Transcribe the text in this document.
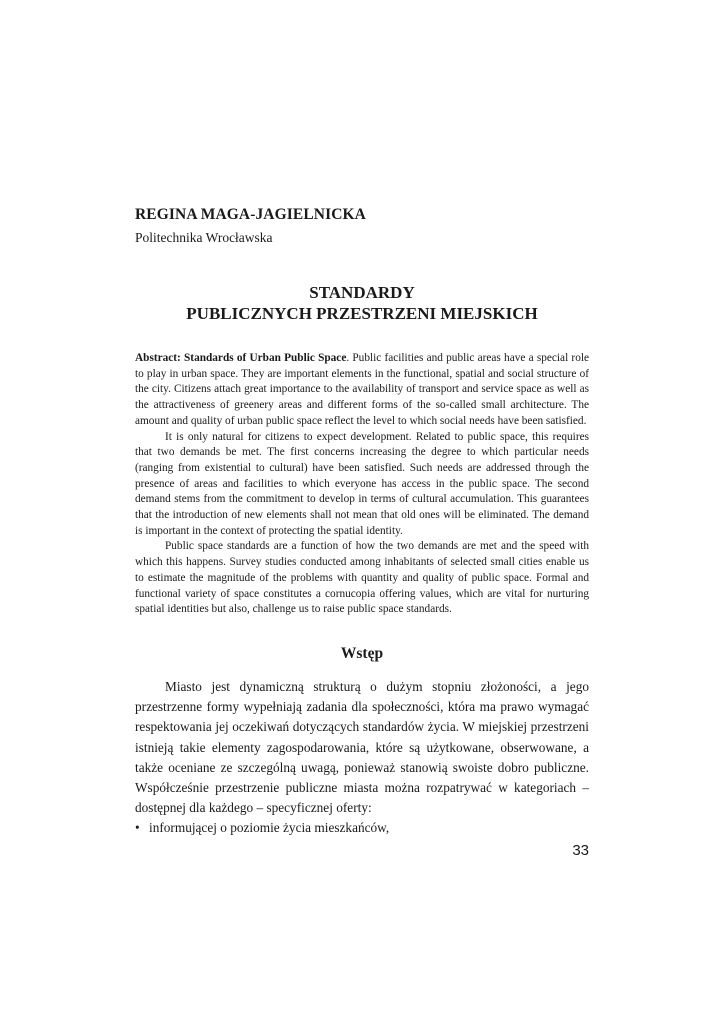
REGINA MAGA-JAGIELNICKA
Politechnika Wrocławska
STANDARDY
PUBLICZNYCH PRZESTRZENI MIEJSKICH

Abstract: Standards of Urban Public Space. Public facilities and public areas have a special role to play in urban space. They are important elements in the functional, spatial and social structure of the city. Citizens attach great importance to the availability of transport and service space as well as the attractiveness of greenery areas and different forms of the so-called small architecture. The amount and quality of urban public space reflect the level to which social needs have been satisfied.

It is only natural for citizens to expect development. Related to public space, this requires that two demands be met. The first concerns increasing the degree to which particular needs (ranging from existential to cultural) have been satisfied. Such needs are addressed through the presence of areas and facilities to which everyone has access in the public space. The second demand stems from the commitment to develop in terms of cultural accumulation. This guarantees that the introduction of new elements shall not mean that old ones will be eliminated. The demand is important in the context of protecting the spatial identity.

Public space standards are a function of how the two demands are met and the speed with which this happens. Survey studies conducted among inhabitants of selected small cities enable us to estimate the magnitude of the problems with quantity and quality of public space. Formal and functional variety of space constitutes a cornucopia offering values, which are vital for nurturing spatial identities but also, challenge us to raise public space standards.

Wstęp

Miasto jest dynamiczną strukturą o dużym stopniu złożoności, a jego przestrzenne formy wypełniają zadania dla społeczności, która ma prawo wymagać respektowania jej oczekiwań dotyczących standardów życia. W miejskiej przestrzeni istnieją takie elementy zagospodarowania, które są użytkowane, obserwowane, a także oceniane ze szczególną uwagą, ponieważ stanowią swoiste dobro publiczne. Współcześnie przestrzenie publiczne miasta można rozpatrywać w kategoriach – dostępnej dla każdego – specyficznej oferty:

• informującej o poziomie życia mieszkańców,
33
